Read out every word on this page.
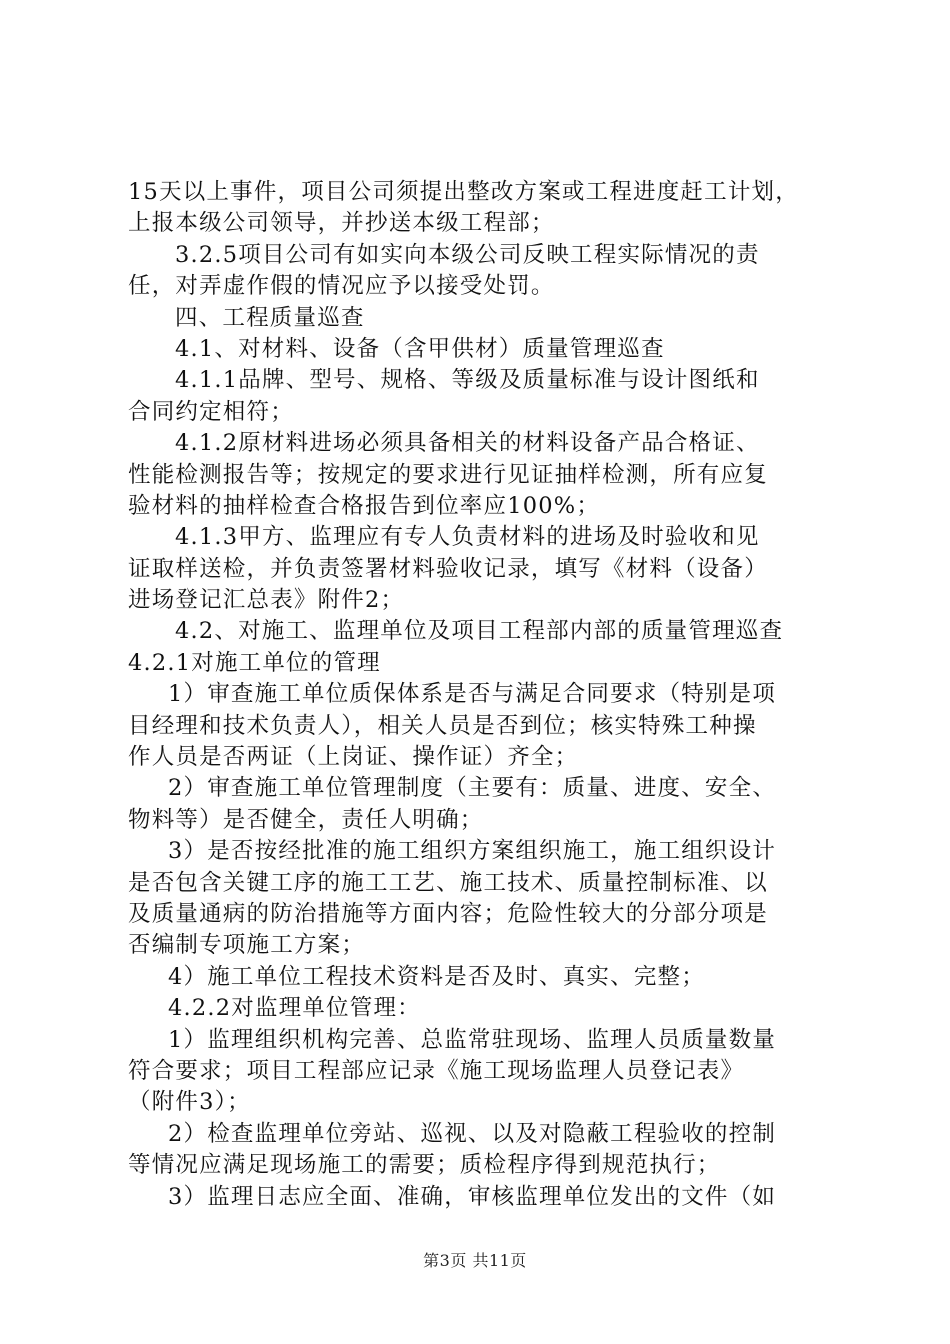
15天以上事件，项目公司须提出整改方案或工程进度赶工计划，
上报本级公司领导，并抄送本级工程部；
3.2.5项目公司有如实向本级公司反映工程实际情况的责
任，对弄虚作假的情况应予以接受处罚。
四、工程质量巡查
4.1、对材料、设备（含甲供材）质量管理巡查
4.1.1品牌、型号、规格、等级及质量标准与设计图纸和
合同约定相符；
4.1.2原材料进场必须具备相关的材料设备产品合格证、
性能检测报告等；按规定的要求进行见证抽样检测，所有应复
验材料的抽样检查合格报告到位率应100%；
4.1.3甲方、监理应有专人负责材料的进场及时验收和见
证取样送检，并负责签署材料验收记录，填写《材料（设备）
进场登记汇总表》附件2；
4.2、对施工、监理单位及项目工程部内部的质量管理巡查
4.2.1对施工单位的管理
1）审查施工单位质保体系是否与满足合同要求（特别是项
目经理和技术负责人），相关人员是否到位；核实特殊工种操
作人员是否两证（上岗证、操作证）齐全；
2）审查施工单位管理制度（主要有：质量、进度、安全、
物料等）是否健全，责任人明确；
3）是否按经批准的施工组织方案组织施工，施工组织设计
是否包含关键工序的施工工艺、施工技术、质量控制标准、以
及质量通病的防治措施等方面内容；危险性较大的分部分项是
否编制专项施工方案；
4）施工单位工程技术资料是否及时、真实、完整；
4.2.2对监理单位管理：
1）监理组织机构完善、总监常驻现场、监理人员质量数量
符合要求；项目工程部应记录《施工现场监理人员登记表》
（附件3）；
2）检查监理单位旁站、巡视、以及对隐蔽工程验收的控制
等情况应满足现场施工的需要；质检程序得到规范执行；
3）监理日志应全面、准确，审核监理单位发出的文件（如
第3页 共11页
